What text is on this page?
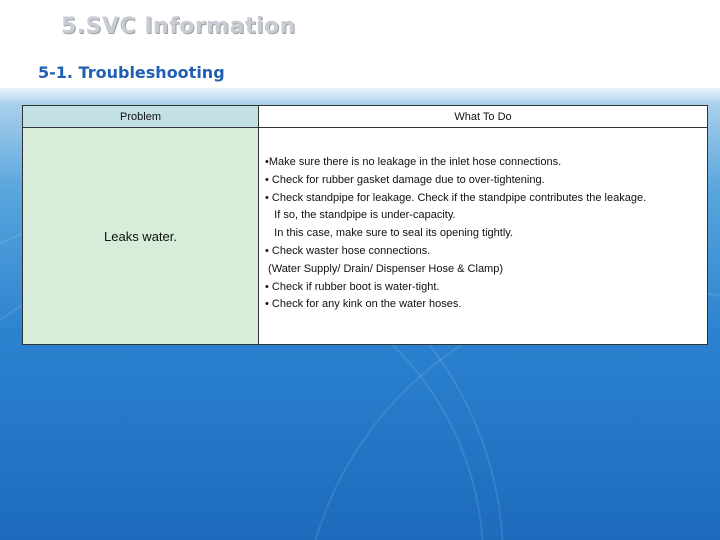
5.SVC Information
5-1. Troubleshooting
Problem	What To Do
Leaks water.
•Make sure there is no leakage in the inlet hose connections.
• Check for rubber gasket damage due to over-tightening.
• Check standpipe for leakage. Check if the standpipe contributes the leakage.
If so, the standpipe is under-capacity.
In this case, make sure to seal its opening tightly.
• Check waster hose connections.
(Water Supply/ Drain/ Dispenser Hose & Clamp)
• Check if rubber boot is water-tight.
• Check for any kink on the water hoses.
